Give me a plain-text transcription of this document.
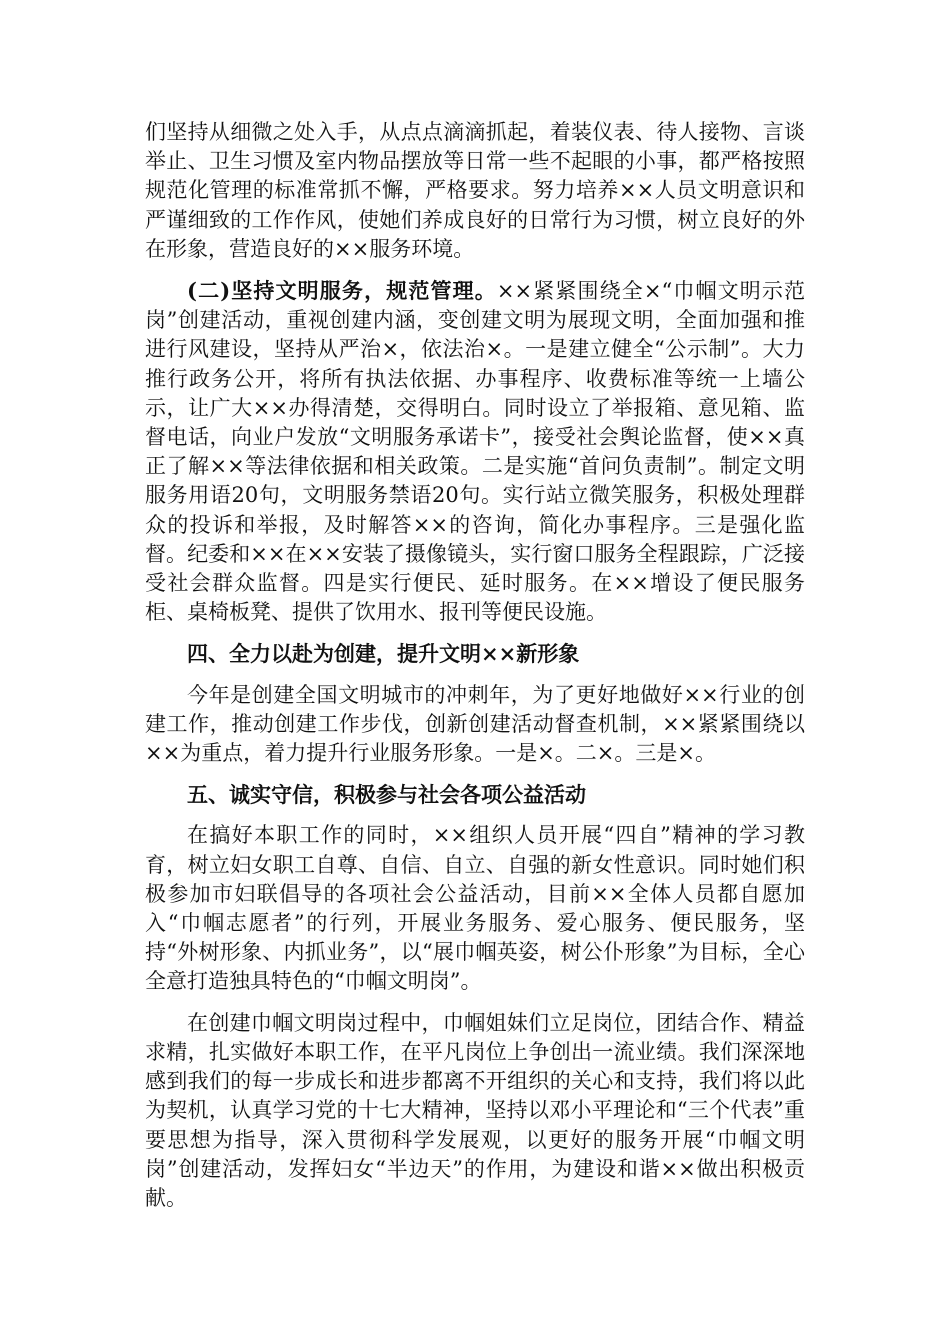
们坚持从细微之处入手，从点点滴滴抓起，着装仪表、待人接物、言谈举止、卫生习惯及室内物品摆放等日常一些不起眼的小事，都严格按照规范化管理的标准常抓不懈，严格要求。努力培养××人员文明意识和严谨细致的工作作风，使她们养成良好的日常行为习惯，树立良好的外在形象，营造良好的××服务环境。

(二)坚持文明服务，规范管理。××紧紧围绕全×“巾帼文明示范岗”创建活动，重视创建内涵，变创建文明为展现文明，全面加强和推进行风建设，坚持从严治×，依法治×。一是建立健全“公示制”。大力推行政务公开，将所有执法依据、办事程序、收费标准等统一上墙公示，让广大××办得清楚，交得明白。同时设立了举报箱、意见箱、监督电话，向业户发放“文明服务承诺卡”，接受社会舆论监督，使××真正了解××等法律依据和相关政策。二是实施“首问负责制”。制定文明服务用语20句，文明服务禁语20句。实行站立微笑服务，积极处理群众的投诉和举报，及时解答××的咨询，简化办事程序。三是强化监督。纪委和××在××安装了摄像镜头，实行窗口服务全程跟踪，广泛接受社会群众监督。四是实行便民、延时服务。在××增设了便民服务柜、桌椅板凳、提供了饮用水、报刊等便民设施。

四、全力以赴为创建，提升文明××新形象

今年是创建全国文明城市的冲刺年，为了更好地做好××行业的创建工作，推动创建工作步伐，创新创建活动督查机制，××紧紧围绕以××为重点，着力提升行业服务形象。一是×。二×。三是×。

五、诚实守信，积极参与社会各项公益活动

在搞好本职工作的同时，××组织人员开展“四自”精神的学习教育，树立妇女职工自尊、自信、自立、自强的新女性意识。同时她们积极参加市妇联倡导的各项社会公益活动，目前××全体人员都自愿加入“巾帼志愿者”的行列，开展业务服务、爱心服务、便民服务，坚持“外树形象、内抓业务”，以“展巾帼英姿，树公仆形象”为目标，全心全意打造独具特色的“巾帼文明岗”。

在创建巾帼文明岗过程中，巾帼姐妹们立足岗位，团结合作、精益求精，扎实做好本职工作，在平凡岗位上争创出一流业绩。我们深深地感到我们的每一步成长和进步都离不开组织的关心和支持，我们将以此为契机，认真学习党的十七大精神，坚持以邓小平理论和“三个代表”重要思想为指导，深入贯彻科学发展观，以更好的服务开展“巾帼文明岗”创建活动，发挥妇女“半边天”的作用，为建设和谐××做出积极贡献。
